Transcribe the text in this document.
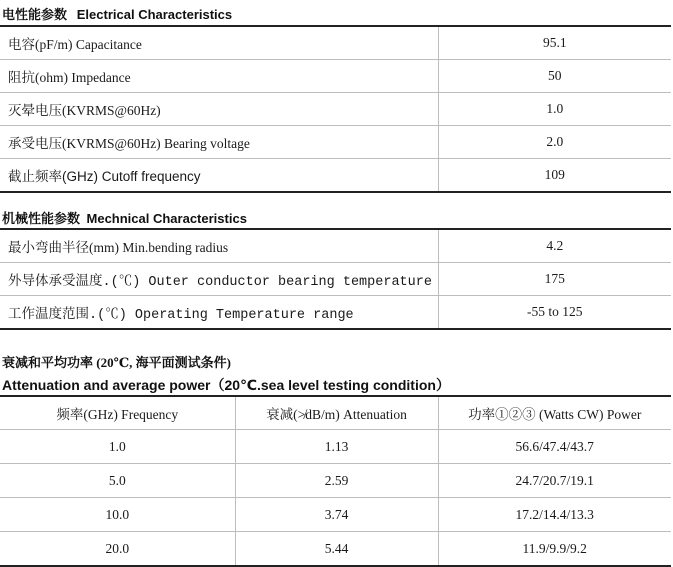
电性能参数 Electrical Characteristics
电容(pF/m) Capacitance	95.1
阻抗(ohm) Impedance	50
灭晕电压(KVRMS@60Hz)	1.0
承受电压(KVRMS@60Hz) Bearing voltage	2.0
截止频率(GHz) Cutoff frequency	109
机械性能参数 Mechnical Characteristics
最小弯曲半径(mm) Min.bending radius	4.2
外导体承受温度.(℃) Outer conductor bearing temperature	175
工作温度范围.(℃) Operating Temperature range	-55 to 125
衰减和平均功率 (20℃, 海平面测试条件)
Attenuation and average power（20℃.sea level testing condition）
频率(GHz) Frequency	衰减(≯dB/m) Attenuation	功率①②③ (Watts CW) Power
1.0	1.13	56.6/47.4/43.7
5.0	2.59	24.7/20.7/19.1
10.0	3.74	17.2/14.4/13.3
20.0	5.44	11.9/9.9/9.2
